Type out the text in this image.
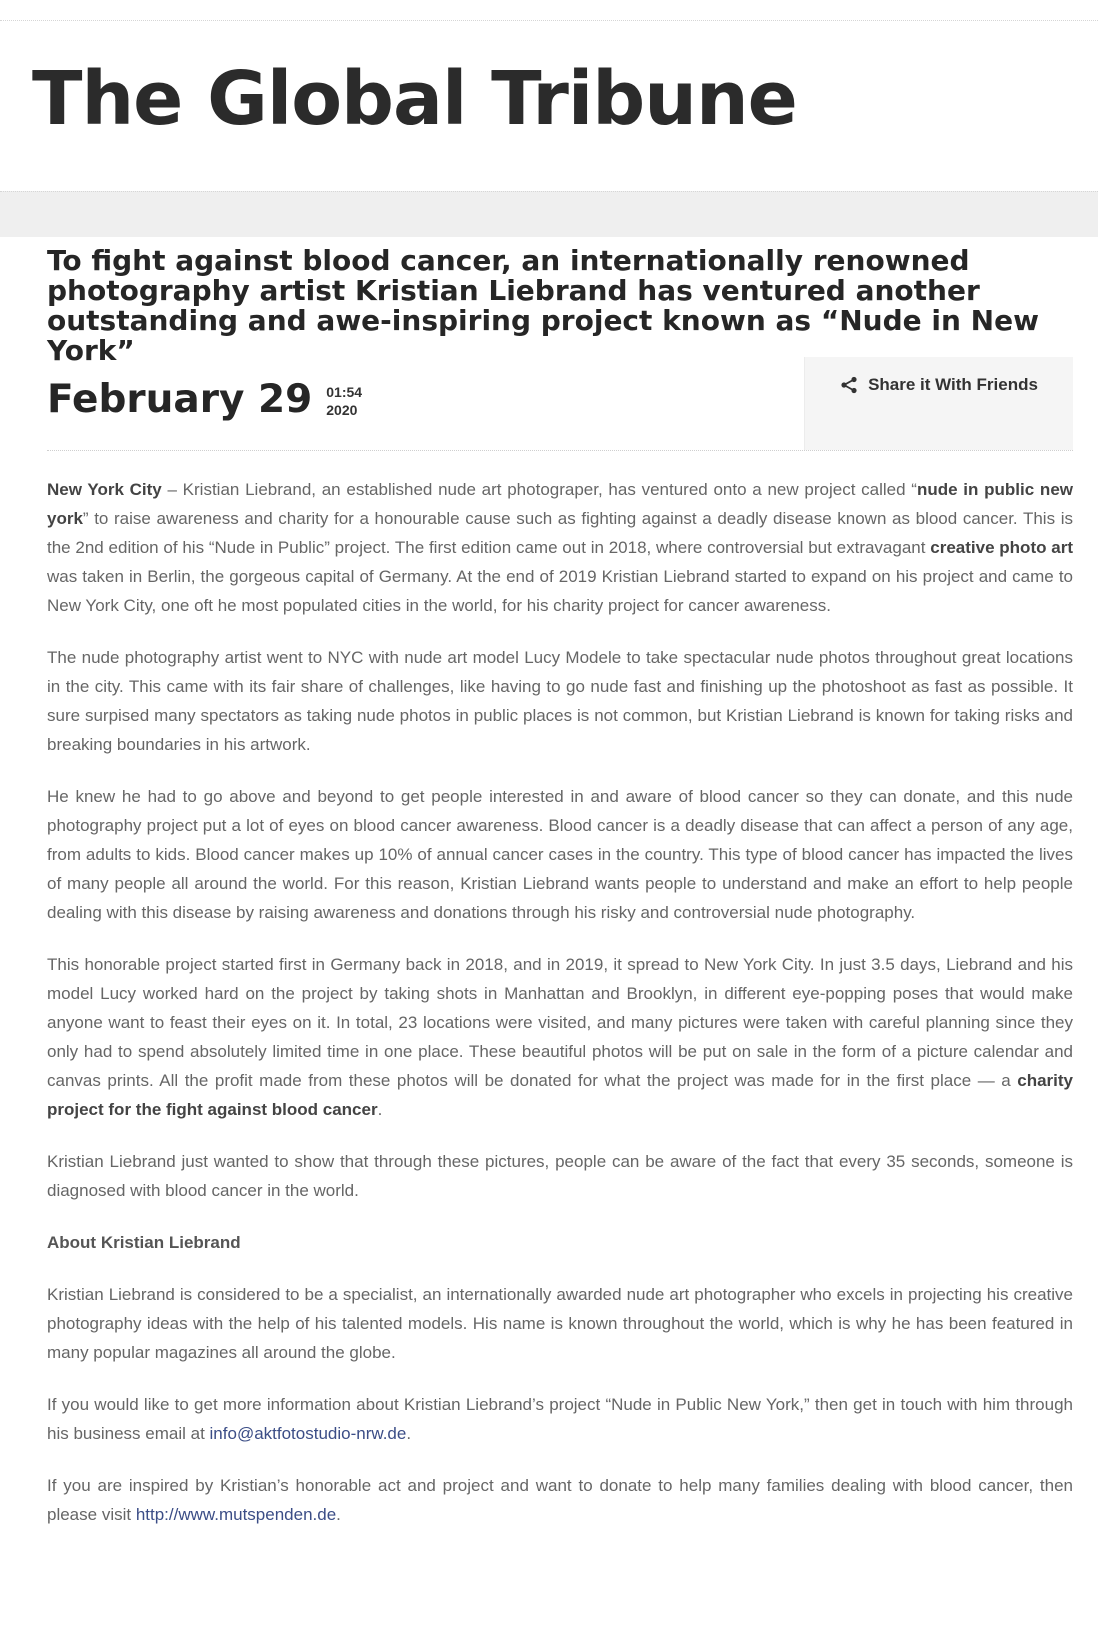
The Global Tribune
To fight against blood cancer, an internationally renowned photography artist Kristian Liebrand has ventured another outstanding and awe-inspiring project known as “Nude in New York”
February 29 01:54
2020
Share it With Friends

New York City – Kristian Liebrand, an established nude art photograper, has ventured onto a new project called “nude in public new york” to raise awareness and charity for a honourable cause such as fighting against a deadly disease known as blood cancer. This is the 2nd edition of his “Nude in Public” project. The first edition came out in 2018, where controversial but extravagant creative photo art was taken in Berlin, the gorgeous capital of Germany. At the end of 2019 Kristian Liebrand started to expand on his project and came to New York City, one oft he most populated cities in the world, for his charity project for cancer awareness.

The nude photography artist went to NYC with nude art model Lucy Modele to take spectacular nude photos throughout great locations in the city. This came with its fair share of challenges, like having to go nude fast and finishing up the photoshoot as fast as possible. It sure surpised many spectators as taking nude photos in public places is not common, but Kristian Liebrand is known for taking risks and breaking boundaries in his artwork.

He knew he had to go above and beyond to get people interested in and aware of blood cancer so they can donate, and this nude photography project put a lot of eyes on blood cancer awareness. Blood cancer is a deadly disease that can affect a person of any age, from adults to kids. Blood cancer makes up 10% of annual cancer cases in the country. This type of blood cancer has impacted the lives of many people all around the world. For this reason, Kristian Liebrand wants people to understand and make an effort to help people dealing with this disease by raising awareness and donations through his risky and controversial nude photography.

This honorable project started first in Germany back in 2018, and in 2019, it spread to New York City. In just 3.5 days, Liebrand and his model Lucy worked hard on the project by taking shots in Manhattan and Brooklyn, in different eye-popping poses that would make anyone want to feast their eyes on it. In total, 23 locations were visited, and many pictures were taken with careful planning since they only had to spend absolutely limited time in one place. These beautiful photos will be put on sale in the form of a picture calendar and canvas prints. All the profit made from these photos will be donated for what the project was made for in the first place — a charity project for the fight against blood cancer.

Kristian Liebrand just wanted to show that through these pictures, people can be aware of the fact that every 35 seconds, someone is diagnosed with blood cancer in the world.

About Kristian Liebrand

Kristian Liebrand is considered to be a specialist, an internationally awarded nude art photographer who excels in projecting his creative photography ideas with the help of his talented models. His name is known throughout the world, which is why he has been featured in many popular magazines all around the globe.

If you would like to get more information about Kristian Liebrand’s project “Nude in Public New York,” then get in touch with him through his business email at info@aktfotostudio-nrw.de.

If you are inspired by Kristian’s honorable act and project and want to donate to help many families dealing with blood cancer, then please visit http://www.mutspenden.de.
